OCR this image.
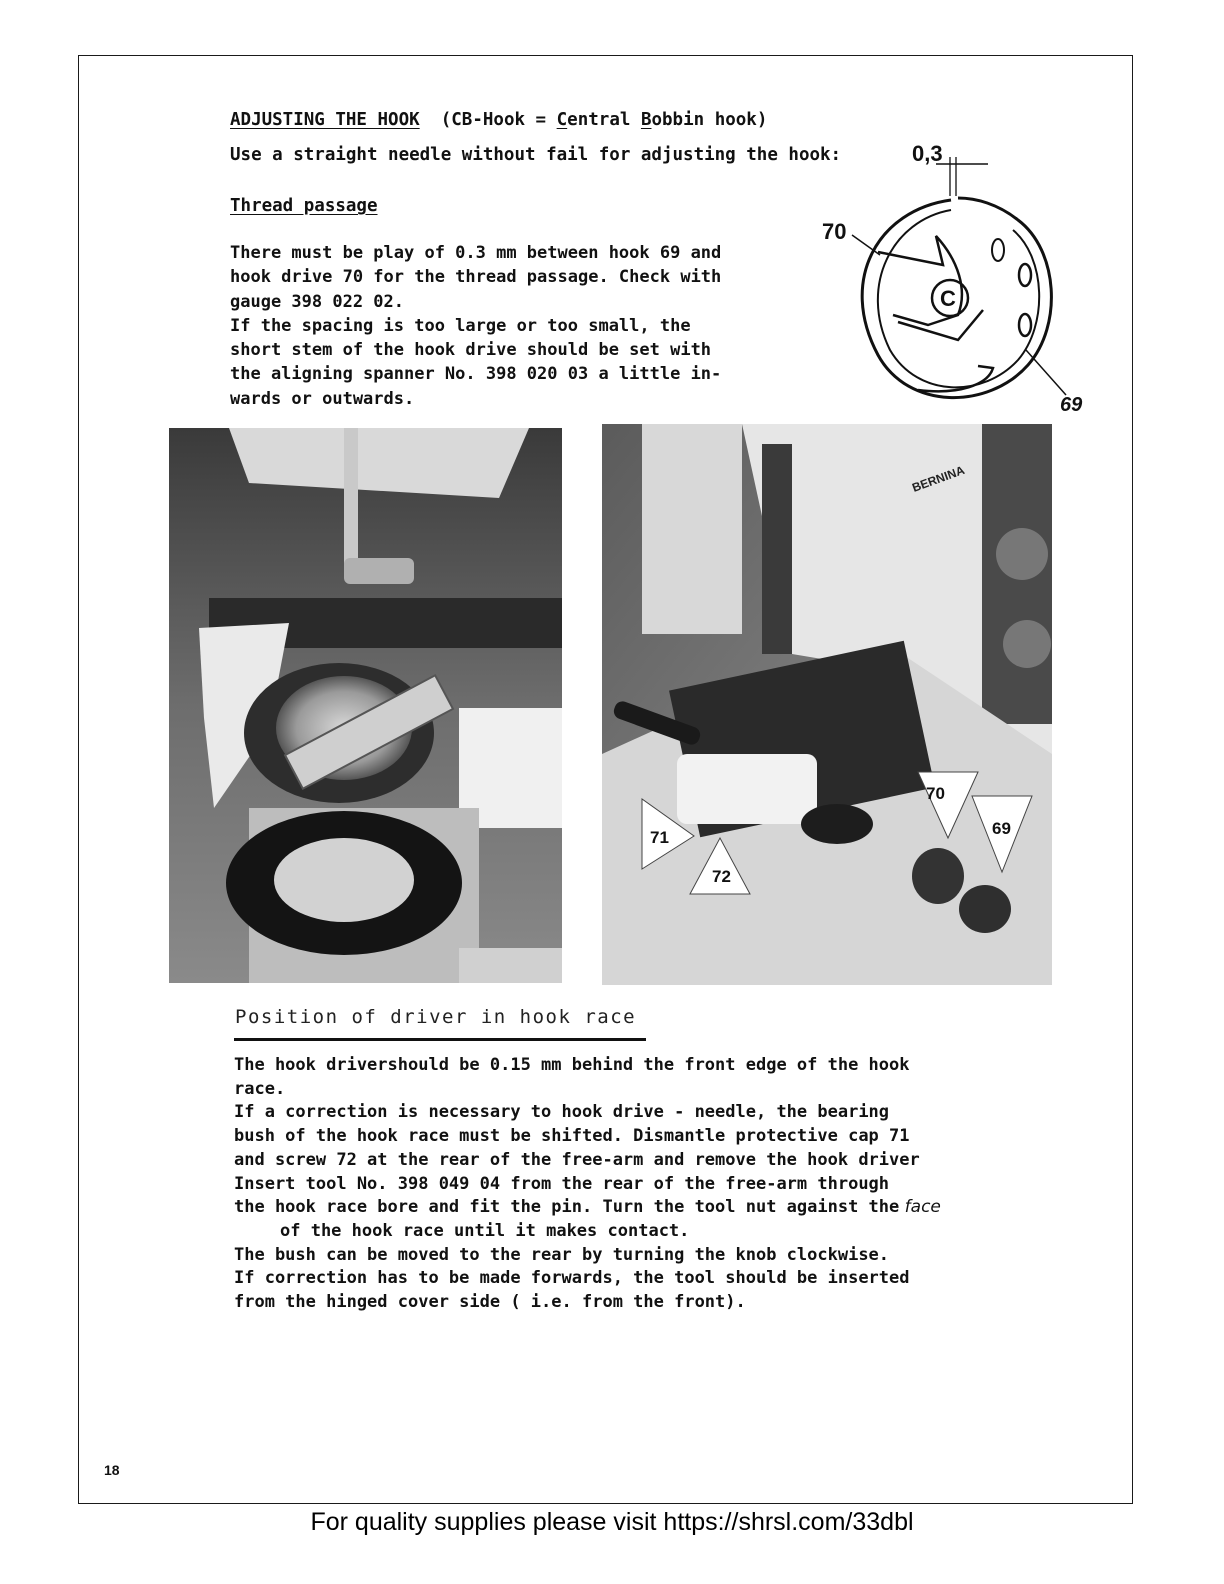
ADJUSTING THE HOOK  (CB-Hook = Central Bobbin hook)
Use a straight needle without fail for adjusting the hook:
Thread passage
There must be play of 0.3 mm between hook 69 and
hook drive 70 for the thread passage. Check with
gauge 398 022 02.
If the spacing is too large or too small, the
short stem of the hook drive should be set with
the aligning spanner No. 398 020 03 a little in-
wards or outwards.
0,3
C
70
69
BERNINA
70
69
71
72
Position of driver in hook race
The hook drivershould be 0.15 mm behind the front edge of the hook
race.
If a correction is necessary to hook drive - needle, the bearing
bush of the hook race must be shifted. Dismantle protective cap 71
and screw 72 at the rear of the free-arm and remove the hook driver
Insert tool No. 398 049 04 from the rear of the free-arm through
the hook race bore and fit the pin. Turn the tool nut against the face
of the hook race until it makes contact.
The bush can be moved to the rear by turning the knob clockwise.
If correction has to be made forwards, the tool should be inserted
from the hinged cover side ( i.e. from the front).
18
For quality supplies please visit https://shrsl.com/33dbl
